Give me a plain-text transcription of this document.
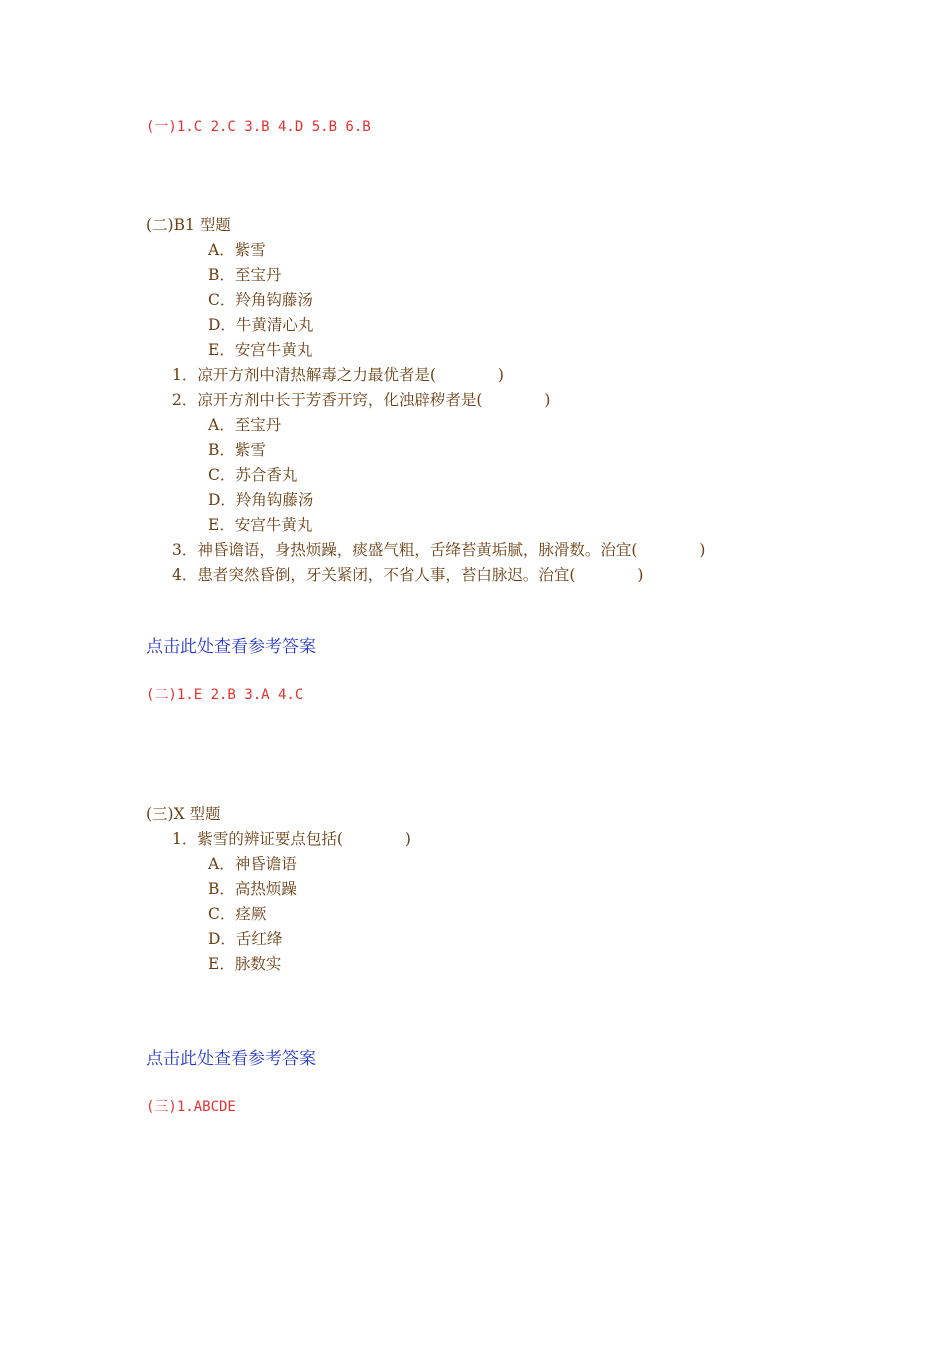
(一)1.C 2.C 3.B 4.D 5.B 6.B
(二)B1 型题
A．紫雪
B．至宝丹
C．羚角钩藤汤
D．牛黄清心丸
E．安宫牛黄丸
1．凉开方剂中清热解毒之力最优者是(　　　　)
2．凉开方剂中长于芳香开窍，化浊辟秽者是(　　　　)
A．至宝丹
B．紫雪
C．苏合香丸
D．羚角钩藤汤
E．安宫牛黄丸
3．神昏谵语，身热烦躁，痰盛气粗，舌绛苔黄垢腻，脉滑数。治宜(　　　　)
4．患者突然昏倒，牙关紧闭，不省人事，苔白脉迟。治宜(　　　　)
点击此处查看参考答案
(二)1.E 2.B 3.A 4.C
(三)X 型题
1．紫雪的辨证要点包括(　　　　)
A．神昏谵语
B．高热烦躁
C．痉厥
D．舌红绛
E．脉数实
点击此处查看参考答案
(三)1.ABCDE
